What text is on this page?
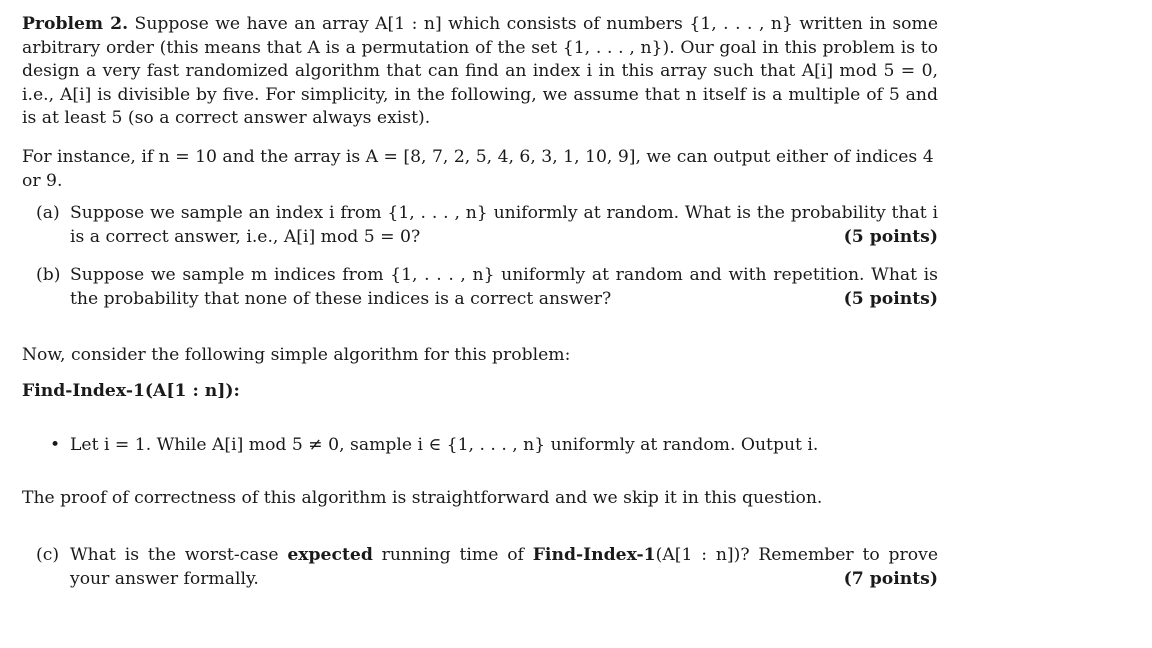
Problem 2. Suppose we have an array A[1 : n] which consists of numbers {1, . . . , n} written in some arbitrary order (this means that A is a permutation of the set {1, . . . , n}). Our goal in this problem is to design a very fast randomized algorithm that can find an index i in this array such that A[i] mod 5 = 0, i.e., A[i] is divisible by five. For simplicity, in the following, we assume that n itself is a multiple of 5 and is at least 5 (so a correct answer always exist).

For instance, if n = 10 and the array is A = [8, 7, 2, 5, 4, 6, 3, 1, 10, 9], we can output either of indices 4 or 9.

(a) Suppose we sample an index i from {1, . . . , n} uniformly at random. What is the probability that i is a correct answer, i.e., A[i] mod 5 = 0?	(5 points)
(b) Suppose we sample m indices from {1, . . . , n} uniformly at random and with repetition. What is the probability that none of these indices is a correct answer?	(5 points)

Now, consider the following simple algorithm for this problem:

Find-Index-1(A[1 : n]):

• Let i = 1. While A[i] mod 5 ≠ 0, sample i ∈ {1, . . . , n} uniformly at random. Output i.

The proof of correctness of this algorithm is straightforward and we skip it in this question.

(c) What is the worst-case expected running time of Find-Index-1(A[1 : n])? Remember to prove your answer formally.	(7 points)
